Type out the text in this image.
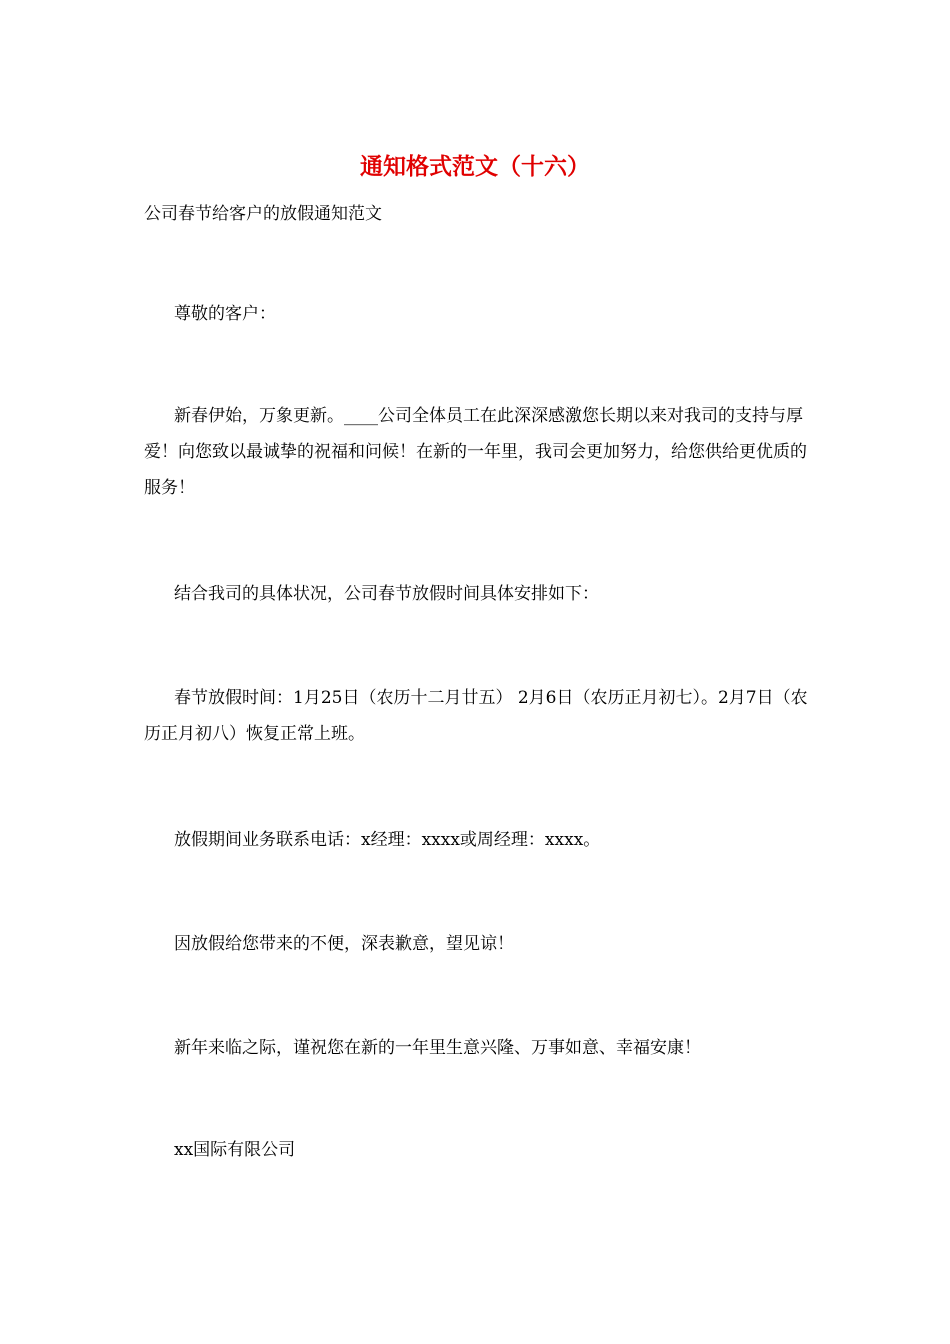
通知格式范文（十六）
公司春节给客户的放假通知范文
尊敬的客户：
新春伊始，万象更新。____公司全体员工在此深深感激您长期以来对我司的支持与厚爱！向您致以最诚挚的祝福和问候！在新的一年里，我司会更加努力，给您供给更优质的服务！
结合我司的具体状况，公司春节放假时间具体安排如下：
春节放假时间：1月25日（农历十二月廿五） 2月6日（农历正月初七）。2月7日（农历正月初八）恢复正常上班。
放假期间业务联系电话：x经理：xxxx或周经理：xxxx。
因放假给您带来的不便，深表歉意，望见谅！
新年来临之际，谨祝您在新的一年里生意兴隆、万事如意、幸福安康！
xx国际有限公司
